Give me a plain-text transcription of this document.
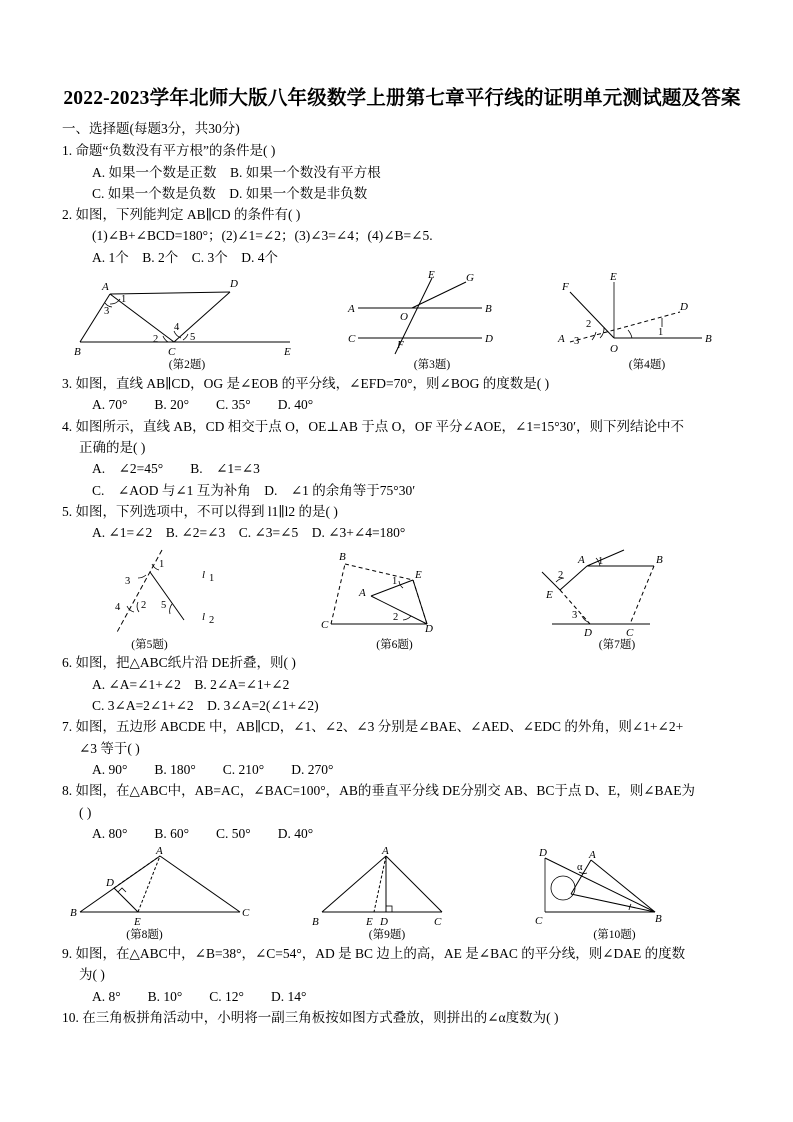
2022-2023学年北师大版八年级数学上册第七章平行线的证明单元测试题及答案
一、选择题(每题3分，共30分)
1. 命题“负数没有平方根”的条件是( )
A. 如果一个数是正数　B. 如果一个数没有平方根
C. 如果一个数是负数　D. 如果一个数是非负数
2. 如图，下列能判定 AB∥CD 的条件有( )
(1)∠B+∠BCD=180°；(2)∠1=∠2；(3)∠3=∠4；(4)∠B=∠5.
A. 1个　B. 2个　C. 3个　D. 4个
A	D
B	C	E
1
2
3
4
5
(第2题)
A	B
C	D
E
F
G
O
(第3题)
E
F
A	B
D
O
1
2
3
(第4题)
3. 如图，直线 AB∥CD，OG 是∠EOB 的平分线，∠EFD=70°，则∠BOG 的度数是( )
A. 70°　　B. 20°　　C. 35°　　D. 40°
4. 如图所示，直线 AB，CD 相交于点 O，OE⊥AB 于点 O，OF 平分∠AOE，∠1=15°30′，则下列结论中不
正确的是( )
A.　∠2=45°　　B.　∠1=∠3
C.　∠AOD 与∠1 互为补角　D.　∠1 的余角等于75°30′
5. 如图，下列选项中，不可以得到 l1∥l2 的是( )
A. ∠1=∠2　B. ∠2=∠3　C. ∠3=∠5　D. ∠3+∠4=180°
1
3
4 2 5
l 1
l 2
(第5题)
B
E
A
C	D
1
2
(第6题)
A	B
E
D	C
1
2
3
(第7题)
6. 如图，把△ABC纸片沿 DE折叠，则( )
A. ∠A=∠1+∠2　B. 2∠A=∠1+∠2
C. 3∠A=2∠1+∠2　D. 3∠A=2(∠1+∠2)
7. 如图，五边形 ABCDE 中，AB∥CD，∠1、∠2、∠3 分别是∠BAE、∠AED、∠EDC 的外角，则∠1+∠2+
∠3 等于( )
A. 90°　　B. 180°　　C. 210°　　D. 270°
8. 如图，在△ABC中，AB=AC，∠BAC=100°，AB的垂直平分线 DE分别交 AB、BC于点 D、E，则∠BAE为
( )
A. 80°　　B. 60°　　C. 50°　　D. 40°
A
D
B
E
C
(第8题)
A
B	E D	C
(第9题)
D	A
C	B
α
(第10题)
9. 如图，在△ABC中，∠B=38°，∠C=54°，AD 是 BC 边上的高，AE 是∠BAC 的平分线，则∠DAE 的度数
为( )
A. 8°　　B. 10°　　C. 12°　　D. 14°
10. 在三角板拼角活动中，小明将一副三角板按如图方式叠放，则拼出的∠α度数为( )
